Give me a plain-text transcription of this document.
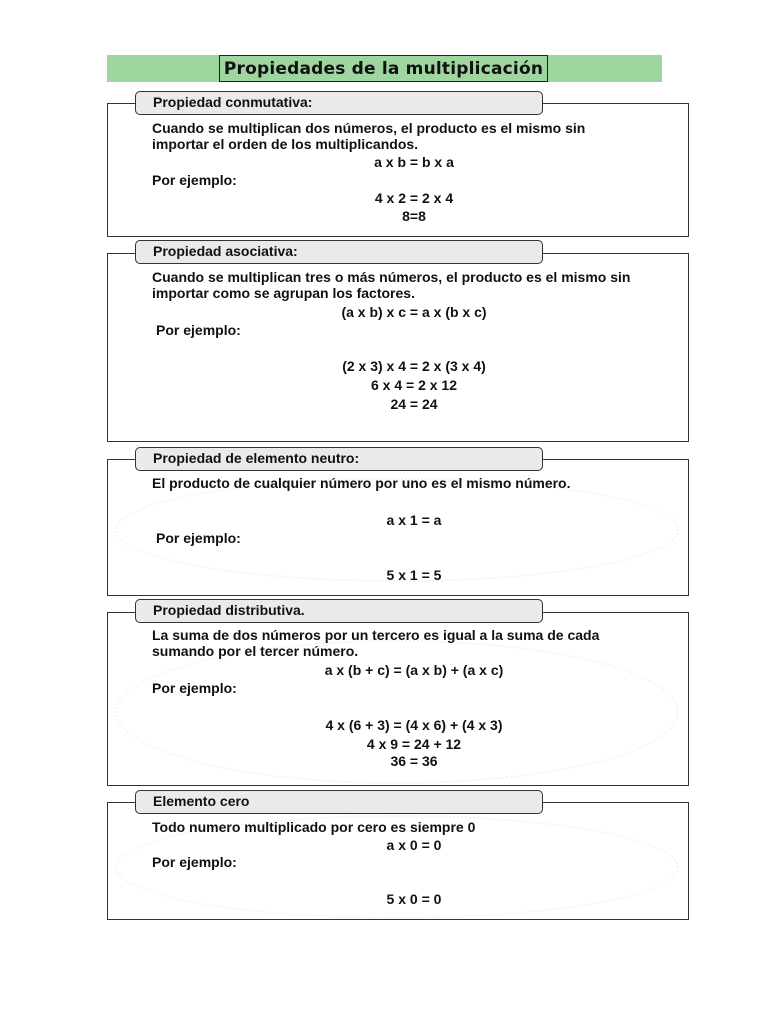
Propiedades de la multiplicación
Propiedad conmutativa:
Cuando se multiplican dos números, el producto es el mismo sin importar el orden de los multiplicandos.
a x b = b x a
Por ejemplo:
4 x 2 = 2 x 4
8=8
Propiedad asociativa:
Cuando se multiplican tres o más números, el producto es el mismo sin importar como se agrupan los factores.
(a x b) x c = a x (b x c)
Por ejemplo:
(2 x 3) x 4 = 2 x (3 x 4)
6 x 4 = 2 x 12
24 = 24
Propiedad de elemento neutro:
El producto de cualquier número por uno es el mismo número.
a x 1 = a
Por ejemplo:
5 x 1 = 5
Propiedad distributiva.
La suma de dos números por un tercero es igual a la suma de cada sumando por el tercer número.
a x (b + c) = (a x b) + (a x c)
Por ejemplo:
4 x (6 + 3) = (4 x 6) + (4 x 3)
4 x 9 = 24 + 12
36 = 36
Elemento cero
Todo numero multiplicado por cero es siempre 0
a x 0 = 0
Por ejemplo:
5 x 0 = 0
